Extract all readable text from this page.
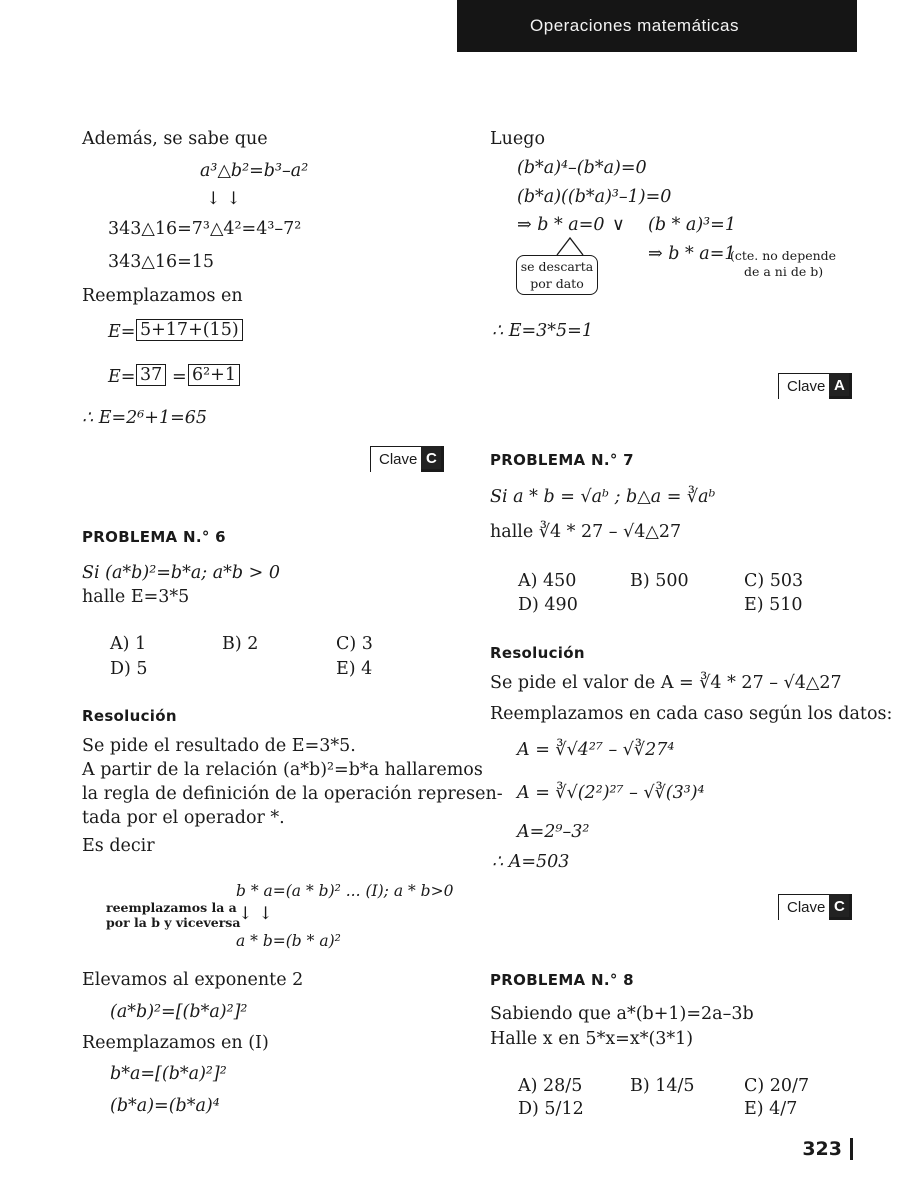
Operaciones matemáticas
Además, se sabe que
a³△b²=b³–a²
↓ ↓
343△16=7³△4²=4³–7²
343△16=15
Reemplazamos en
E= 5+17+(15)
E= 37 = 6²+1
∴ E=2⁶+1=65
Clave C
PROBLEMA N.° 6
Si (a*b)²=b*a; a*b > 0
halle E=3*5
A) 1	B) 2	C) 3
D) 5	E) 4
Resolución
Se pide el resultado de E=3*5.
A partir de la relación (a*b)²=b*a hallaremos
la regla de definición de la operación represen-
tada por el operador *.
Es decir
b * a=(a * b)² ... (I); a * b>0
reemplazamos la a
por la b y viceversa
↓ ↓
a * b=(b * a)²
Elevamos al exponente 2
(a*b)²=[(b*a)²]²
Reemplazamos en (I)
b*a=[(b*a)²]²
(b*a)=(b*a)⁴
Luego
(b*a)⁴–(b*a)=0
(b*a)((b*a)³–1)=0
⇒ b * a=0 ∨ (b * a)³=1
se descarta
por dato
⇒ b * a=1
(cte. no depende
de a ni de b)
∴ E=3*5=1
Clave A
PROBLEMA N.° 7
Si a * b = √aᵇ ; b△a = ∛aᵇ
halle ∛4 * 27 – √4△27
A) 450	B) 500	C) 503
D) 490	E) 510
Resolución
Se pide el valor de A = ∛4 * 27 – √4△27
Reemplazamos en cada caso según los datos:
A = ∛√4²⁷ – √∛27⁴
A = ∛√(2²)²⁷ – √∛(3³)⁴
A=2⁹–3²
∴ A=503
Clave C
PROBLEMA N.° 8
Sabiendo que a*(b+1)=2a–3b
Halle x en 5*x=x*(3*1)
A) 28/5	B) 14/5	C) 20/7
D) 5/12	E) 4/7
323
